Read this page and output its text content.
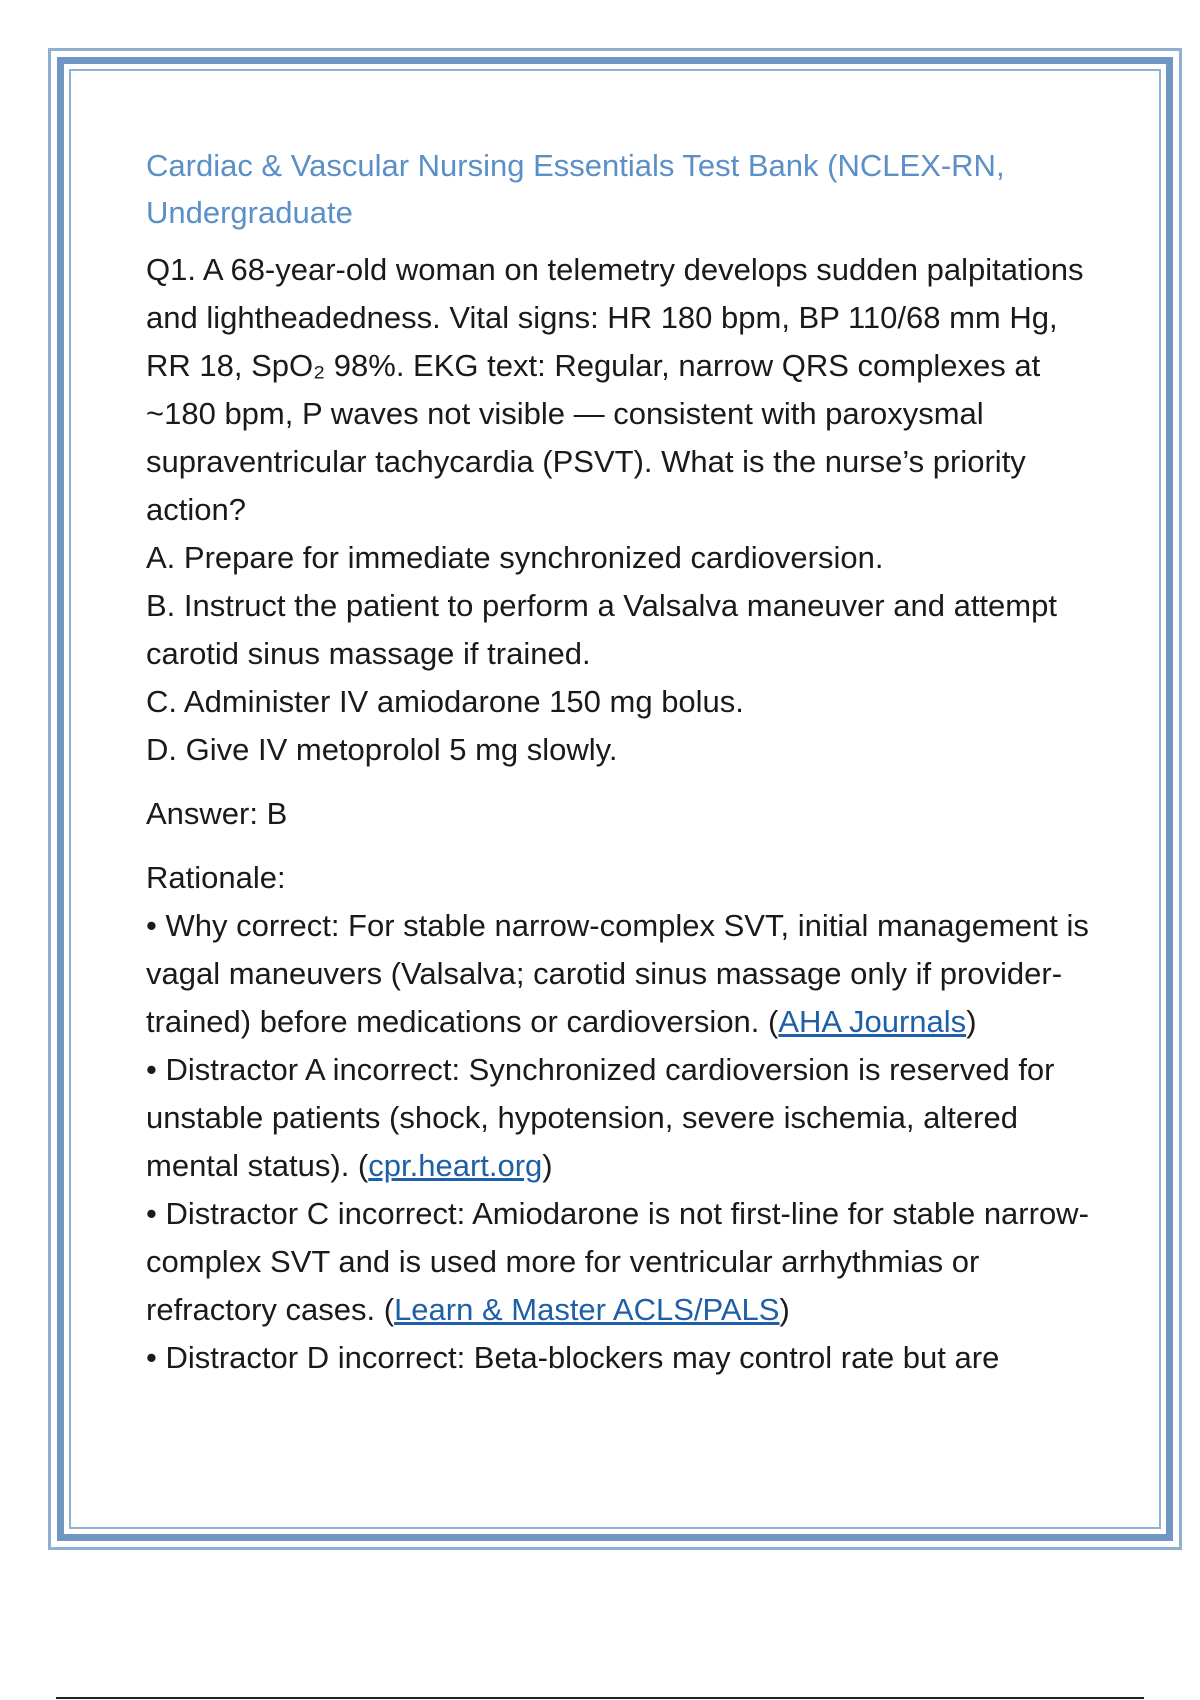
Cardiac & Vascular Nursing Essentials Test Bank (NCLEX-RN, Undergraduate

Q1. A 68-year-old woman on telemetry develops sudden palpitations and lightheadedness. Vital signs: HR 180 bpm, BP 110/68 mm Hg, RR 18, SpO₂ 98%. EKG text: Regular, narrow QRS complexes at ~180 bpm, P waves not visible — consistent with paroxysmal supraventricular tachycardia (PSVT). What is the nurse’s priority action?

A. Prepare for immediate synchronized cardioversion.

B. Instruct the patient to perform a Valsalva maneuver and attempt carotid sinus massage if trained.

C. Administer IV amiodarone 150 mg bolus.

D. Give IV metoprolol 5 mg slowly.

Answer: B

Rationale:

• Why correct: For stable narrow-complex SVT, initial management is vagal maneuvers (Valsalva; carotid sinus massage only if provider-trained) before medications or cardioversion. (AHA Journals)

• Distractor A incorrect: Synchronized cardioversion is reserved for unstable patients (shock, hypotension, severe ischemia, altered mental status). (cpr.heart.org)

• Distractor C incorrect: Amiodarone is not first-line for stable narrow-complex SVT and is used more for ventricular arrhythmias or refractory cases. (Learn & Master ACLS/PALS)

• Distractor D incorrect: Beta-blockers may control rate but are
